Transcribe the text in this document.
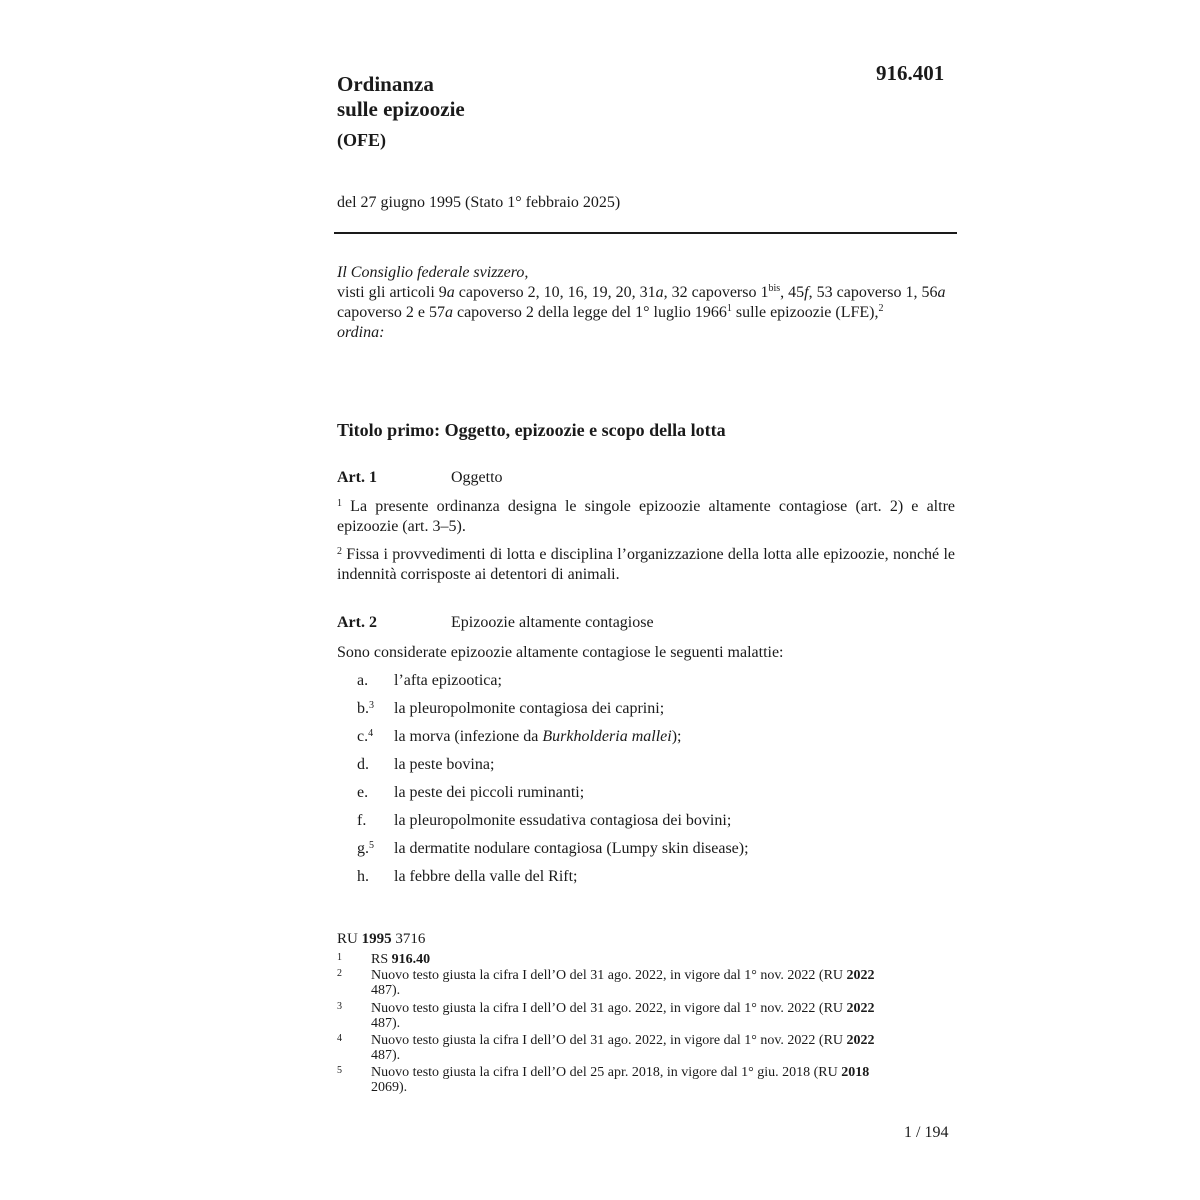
Ordinanza
sulle epizoozie
(OFE)
916.401
del 27 giugno 1995 (Stato 1° febbraio 2025)

Il Consiglio federale svizzero,

visti gli articoli 9a capoverso 2, 10, 16, 19, 20, 31a, 32 capoverso $1^{bis}$, 45f, 53 capoverso 1, 56a capoverso 2 e 57a capoverso 2 della legge del 1° luglio 1966$^1$ sulle epizoozie (LFE),$^2$

ordina:

Titolo primo: Oggetto, epizoozie e scopo della lotta
Art. 1	Oggetto
$^1$ La presente ordinanza designa le singole epizoozie altamente contagiose (art. 2) e altre epizoozie (art. 3–5).
$^2$ Fissa i provvedimenti di lotta e disciplina l’organizzazione della lotta alle epizoozie, nonché le indennità corrisposte ai detentori di animali.
Art. 2	Epizoozie altamente contagiose
Sono considerate epizoozie altamente contagiose le seguenti malattie:
a. l’afta epizootica;
b.$^3$ la pleuropolmonite contagiosa dei caprini;
c.$^4$ la morva (infezione da Burkholderia mallei);
d. la peste bovina;
e. la peste dei piccoli ruminanti;
f. la pleuropolmonite essudativa contagiosa dei bovini;
g.$^5$ la dermatite nodulare contagiosa (Lumpy skin disease);
h. la febbre della valle del Rift;
RU 1995 3716
1 RS 916.40
2 Nuovo testo giusta la cifra I dell’O del 31 ago. 2022, in vigore dal 1° nov. 2022 (RU 2022 487).
3 Nuovo testo giusta la cifra I dell’O del 31 ago. 2022, in vigore dal 1° nov. 2022 (RU 2022 487).
4 Nuovo testo giusta la cifra I dell’O del 31 ago. 2022, in vigore dal 1° nov. 2022 (RU 2022 487).
5 Nuovo testo giusta la cifra I dell’O del 25 apr. 2018, in vigore dal 1° giu. 2018 (RU 2018 2069).
1 / 194
